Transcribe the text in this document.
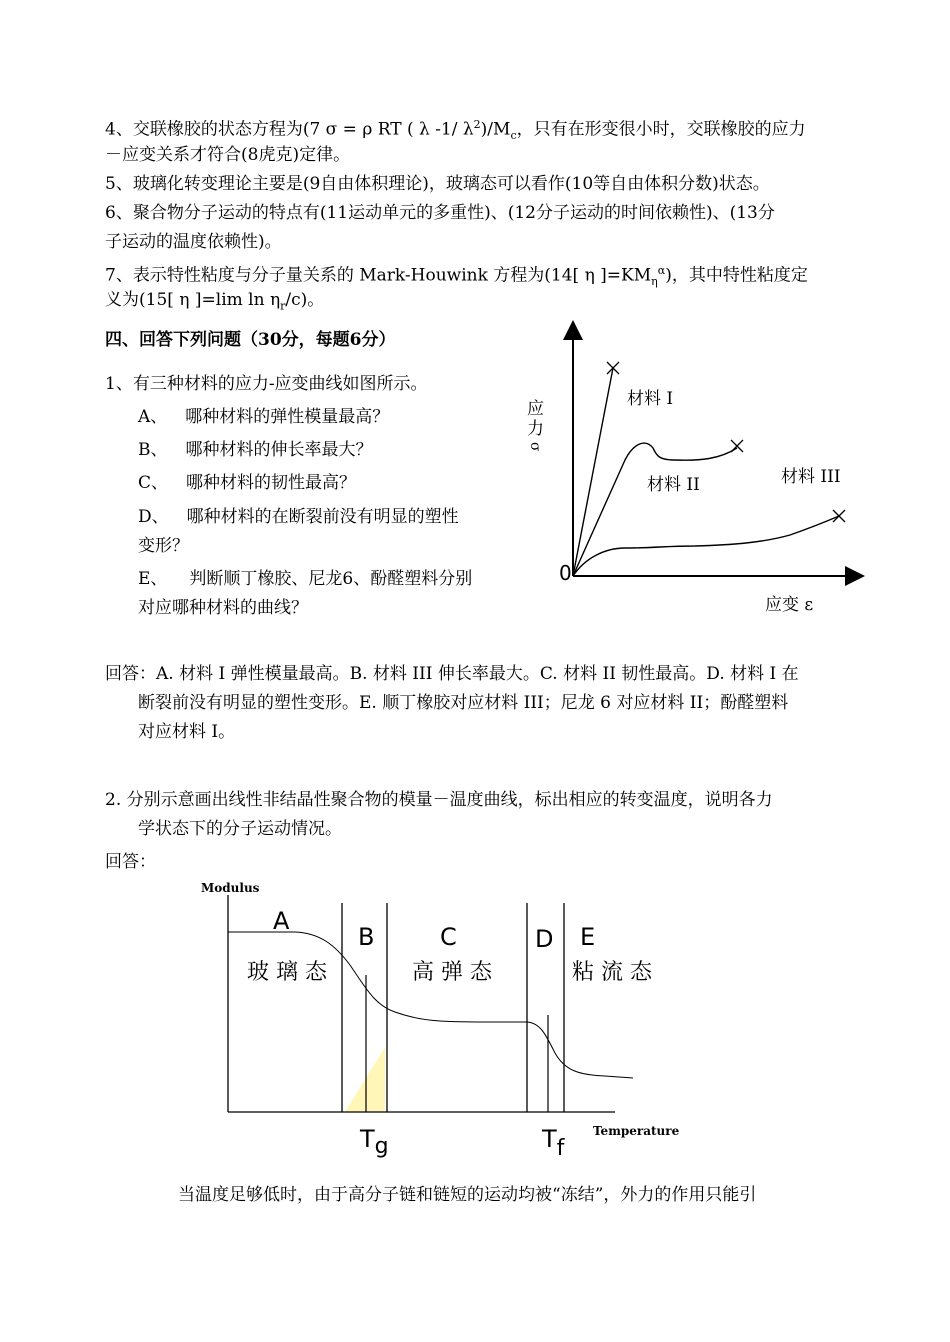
4、交联橡胶的状态方程为(7 σ = ρ RT ( λ -1/ $\lambda^2)/M_c$，只有在形变很小时，交联橡胶的应力
－应变关系才符合(8虎克)定律。
5、玻璃化转变理论主要是(9自由体积理论)，玻璃态可以看作(10等自由体积分数)状态。
6、聚合物分子运动的特点有(11运动单元的多重性)、(12分子运动的时间依赖性)、(13分
子运动的温度依赖性)。
7、表示特性粘度与分子量关系的 Mark-Houwink 方程为(14[ η ]$=KM_\eta^\alpha$)，其中特性粘度定
义为(15[ η ]=lim $\ln \eta_r/c$)。
四、回答下列问题（30分，每题6分）
1、有三种材料的应力-应变曲线如图所示。
A、 哪种材料的弹性模量最高？
B、 哪种材料的伸长率最大？
C、 哪种材料的韧性最高？
D、 哪种材料的在断裂前没有明显的塑性
变形？
E、 判断顺丁橡胶、尼龙6、酚醛塑料分别
对应哪种材料的曲线？
应
力
σ
0
材料 I
材料 II	材料 III
应变 ε
回答：A. 材料 I 弹性模量最高。B. 材料 III 伸长率最大。C. 材料 II 韧性最高。D. 材料 I 在
断裂前没有明显的塑性变形。E. 顺丁橡胶对应材料 III；尼龙 6 对应材料 II；酚醛塑料
对应材料 I。
2. 分别示意画出线性非结晶性聚合物的模量－温度曲线，标出相应的转变温度，说明各力
学状态下的分子运动情况。
回答：
Modulus
Temperature
A
B	C	D E
玻 璃 态	高 弹 态	粘 流 态
Tg	Tf
当温度足够低时，由于高分子链和链短的运动均被“冻结”，外力的作用只能引
